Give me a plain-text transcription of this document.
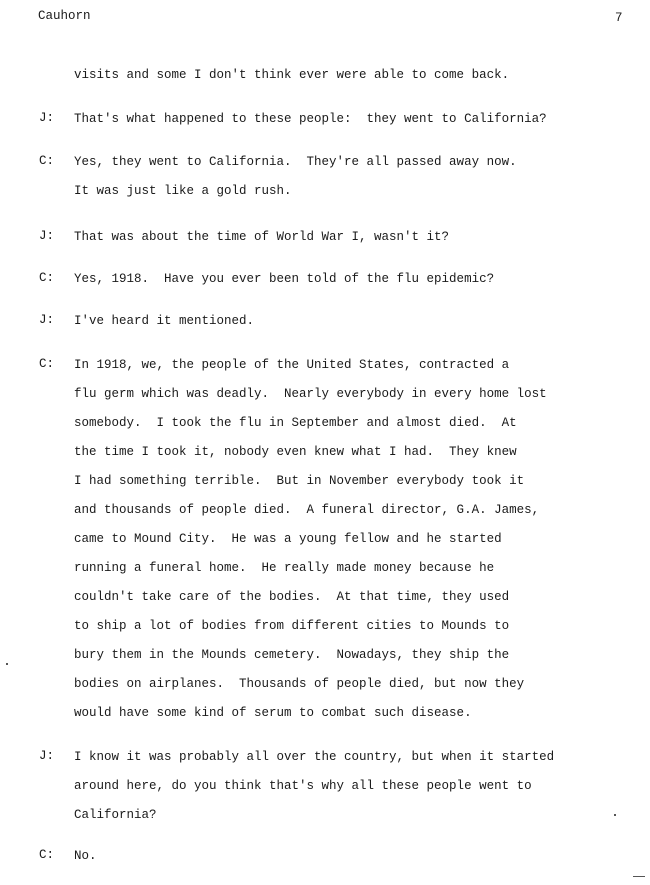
Cauhorn	7
visits and some I don't think ever were able to come back.
J: That's what happened to these people:  they went to California?
C: Yes, they went to California.  They're all passed away now.
It was just like a gold rush.
J: That was about the time of World War I, wasn't it?
C: Yes, 1918.  Have you ever been told of the flu epidemic?
J: I've heard it mentioned.
C: In 1918, we, the people of the United States, contracted a
flu germ which was deadly.  Nearly everybody in every home lost
somebody.  I took the flu in September and almost died.  At
the time I took it, nobody even knew what I had.  They knew
I had something terrible.  But in November everybody took it
and thousands of people died.  A funeral director, G.A. James,
came to Mound City.  He was a young fellow and he started
running a funeral home.  He really made money because he
couldn't take care of the bodies.  At that time, they used
to ship a lot of bodies from different cities to Mounds to
bury them in the Mounds cemetery.  Nowadays, they ship the
bodies on airplanes.  Thousands of people died, but now they
would have some kind of serum to combat such disease.
J: I know it was probably all over the country, but when it started
around here, do you think that's why all these people went to
California?
C: No.
